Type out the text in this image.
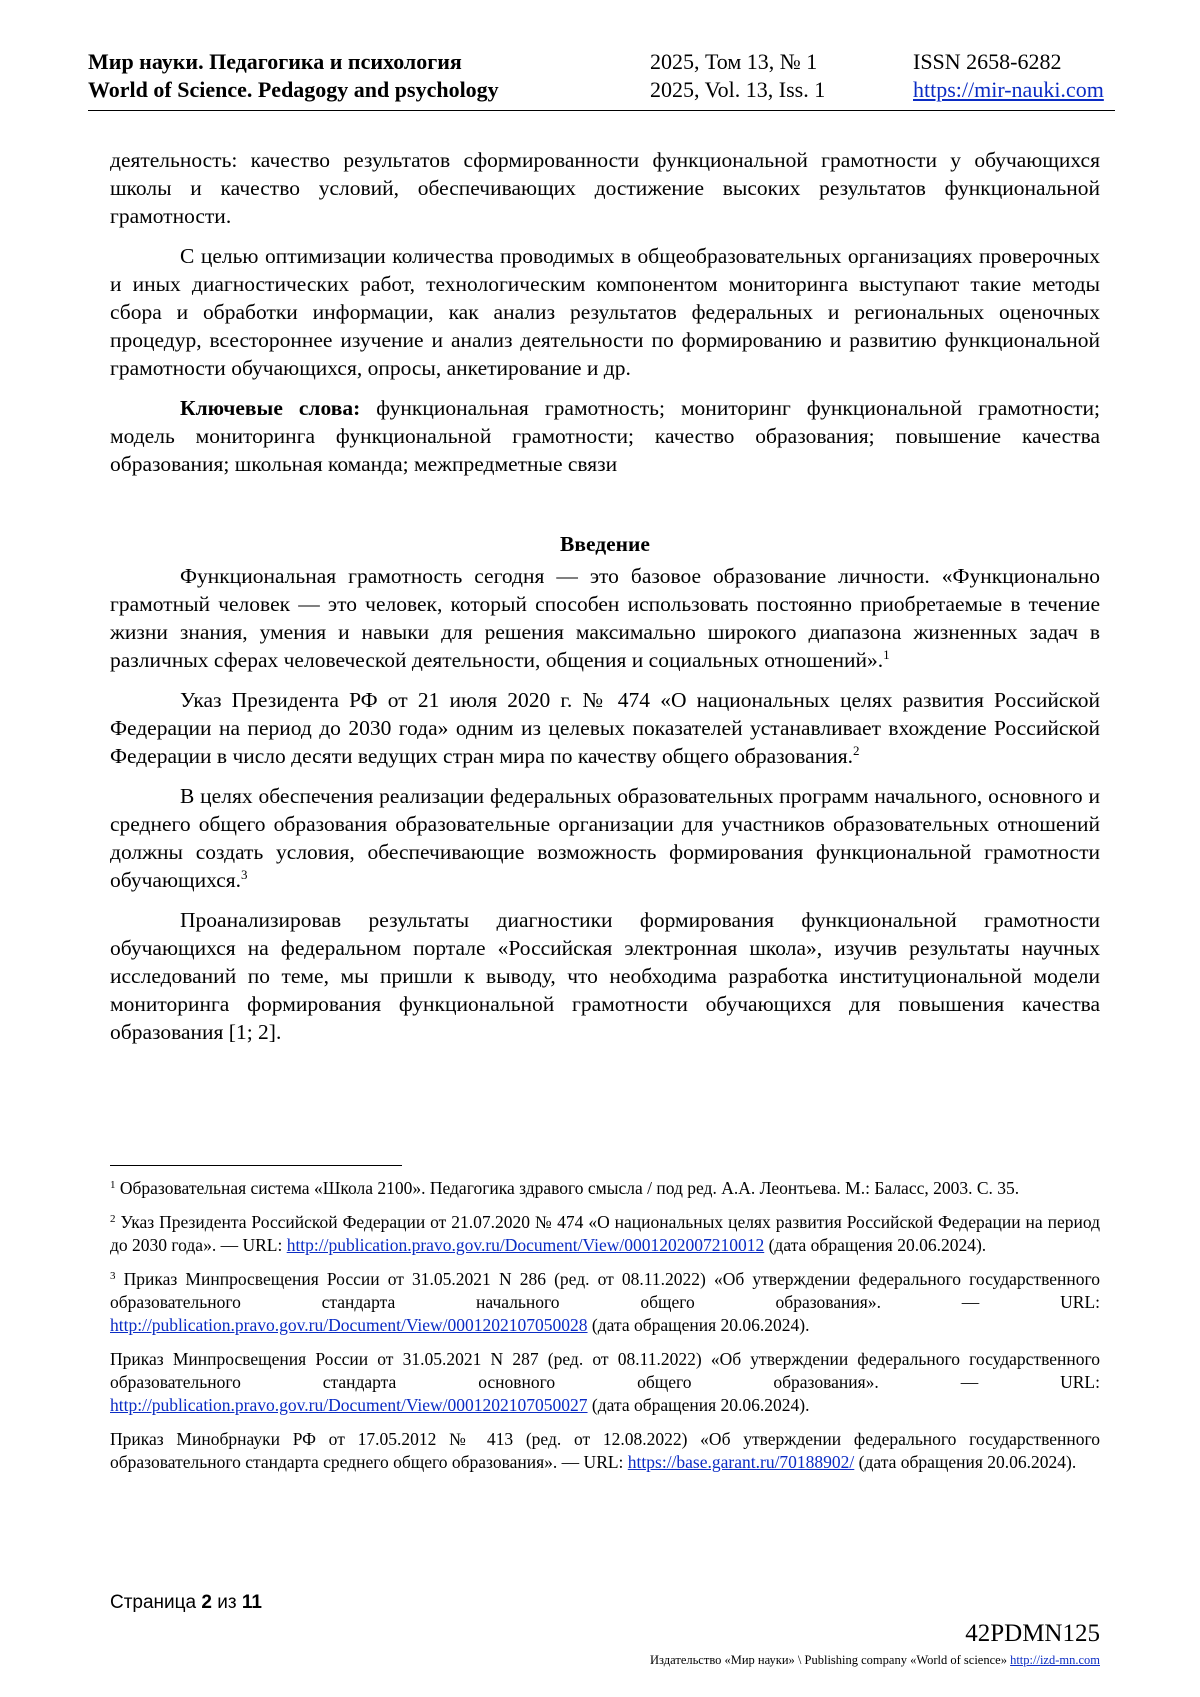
Мир науки. Педагогика и психология
World of Science. Pedagogy and psychology
2025, Том 13, № 1
2025, Vol. 13, Iss. 1
ISSN 2658-6282
https://mir-nauki.com

деятельность: качество результатов сформированности функциональной грамотности у обучающихся школы и качество условий, обеспечивающих достижение высоких результатов функциональной грамотности.

С целью оптимизации количества проводимых в общеобразовательных организациях проверочных и иных диагностических работ, технологическим компонентом мониторинга выступают такие методы сбора и обработки информации, как анализ результатов федеральных и региональных оценочных процедур, всестороннее изучение и анализ деятельности по формированию и развитию функциональной грамотности обучающихся, опросы, анкетирование и др.

Ключевые слова: функциональная грамотность; мониторинг функциональной грамотности; модель мониторинга функциональной грамотности; качество образования; повышение качества образования; школьная команда; межпредметные связи

Введение

Функциональная грамотность сегодня — это базовое образование личности. «Функционально грамотный человек — это человек, который способен использовать постоянно приобретаемые в течение жизни знания, умения и навыки для решения максимально широкого диапазона жизненных задач в различных сферах человеческой деятельности, общения и социальных отношений».$^1$

Указ Президента РФ от 21 июля 2020 г. № 474 «О национальных целях развития Российской Федерации на период до 2030 года» одним из целевых показателей устанавливает вхождение Российской Федерации в число десяти ведущих стран мира по качеству общего образования.$^2$

В целях обеспечения реализации федеральных образовательных программ начального, основного и среднего общего образования образовательные организации для участников образовательных отношений должны создать условия, обеспечивающие возможность формирования функциональной грамотности обучающихся.$^3$

Проанализировав результаты диагностики формирования функциональной грамотности обучающихся на федеральном портале «Российская электронная школа», изучив результаты научных исследований по теме, мы пришли к выводу, что необходима разработка институциональной модели мониторинга формирования функциональной грамотности обучающихся для повышения качества образования [1; 2].

$^1$ Образовательная система «Школа 2100». Педагогика здравого смысла / под ред. А.А. Леонтьева. М.: Баласс, 2003. С. 35.

$^2$ Указ Президента Российской Федерации от 21.07.2020 № 474 «О национальных целях развития Российской Федерации на период до 2030 года». — URL: http://publication.pravo.gov.ru/Document/View/0001202007210012 (дата обращения 20.06.2024).

$^3$ Приказ Минпросвещения России от 31.05.2021 N 286 (ред. от 08.11.2022) «Об утверждении федерального государственного образовательного стандарта начального общего образования». — URL: http://publication.pravo.gov.ru/Document/View/0001202107050028 (дата обращения 20.06.2024).

Приказ Минпросвещения России от 31.05.2021 N 287 (ред. от 08.11.2022) «Об утверждении федерального государственного образовательного стандарта основного общего образования». — URL: http://publication.pravo.gov.ru/Document/View/0001202107050027 (дата обращения 20.06.2024).

Приказ Минобрнауки РФ от 17.05.2012 № 413 (ред. от 12.08.2022) «Об утверждении федерального государственного образовательного стандарта среднего общего образования». — URL: https://base.garant.ru/70188902/ (дата обращения 20.06.2024).

Страница 2 из 11
42PDMN125
Издательство «Мир науки» \ Publishing company «World of science» http://izd-mn.com
